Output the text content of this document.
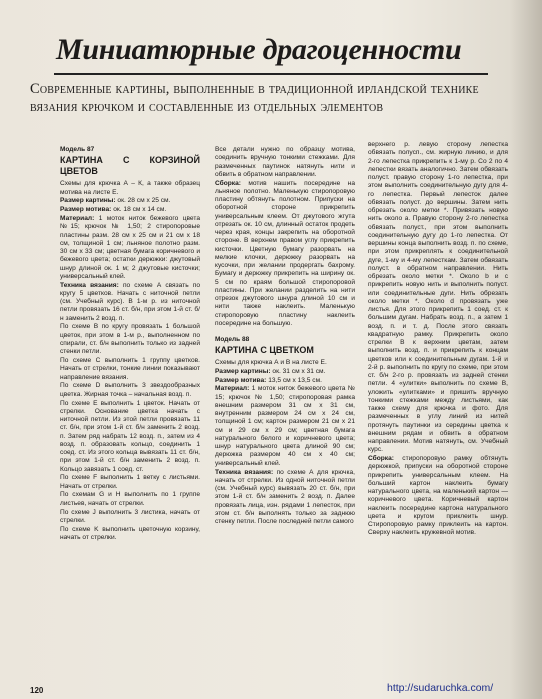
Миниатюрные драгоценности
Современные картины, выполненные в традиционной ирландской технике вязания крючком и составленные из отдельных элементов

Модель 87

КАРТИНА С КОРЗИНОЙ ЦВЕТОВ

Схемы для крючка А – К, а также образец мотива на листе Е.

Размер картины: ок. 28 см х 25 см.

Размер мотива: ок. 18 см х 14 см.

Материал: 1 моток ниток бежевого цвета №15; крючок № 1,50; 2 стиропоровые пластины разм. 28 см х 25 см и 21 см х 18 см, толщиной 1 см; льняное полотно разм. 30 см х 33 см; цветная бумага коричневого и бежевого цвета; остатки дерюжки: джутовый шнур длиной ок. 1 м; 2 джутовые кисточки; универсальный клей.

Техника вязания: по схеме А связать по кругу 5 цветков. Начать с ниточной петли (см. Учебный курс). В 1-м р. из ниточной петли провязать 16 ст. б/н, при этом 1-й ст. б/н заменить 2 возд. п.

По схеме В по кругу провязать 1 большой цветок, при этом в 1-м р., выполненном по спирали, ст. б/н выполнить только из задней стенки петли.

По схеме С выполнить 1 группу цветков. Начать от стрелки, тонкие линии показывают направление вязания.

По схеме D выполнить 3 звездообразных цветка. Жирная точка – начальная возд. п.

По схеме E выполнить 1 цветок. Начать от стрелки. Основание цветка начать с ниточной петли. Из этой петли провязать 11 ст. б/н, при этом 1-й ст. б/н заменить 2 возд. п. Затем ряд набрать 12 возд. п., затем из 4 возд. п. образовать кольцо, соединить 1 соед. ст. Из этого кольца вывязать 11 ст. б/н, при этом 1-й ст. б/н заменить 2 возд. п. Кольцо завязать 1 соед. ст.

По схеме F выполнить 1 ветку с листьями. Начать от стрелки.

По схемам G и H выполнить по 1 группе листьев, начать от стрелки.

По схеме J выполнить 3 листика, начать от стрелки.

По схеме K выполнить цветочную корзину, начать от стрелки.

Все детали нужно по образцу мотива, соединить вручную тонкими стежками. Для размеченных паутинок натянуть нити и обвить в обратном направлении.

Сборка: мотив нашить посередине на льняное полотно. Маленькую стиропоровую пластину обтянуть полотном. Припуски на оборотной стороне прикрепить универсальным клеем. От джутового жгута отрезать ок. 10 см, длинный остаток продеть через края, концы закрепить на оборотной стороне. В верхнем правом углу прикрепить кисточки. Цветную бумагу разорвать на мелкие клочки, дерюжку разорвать на кусочки, при желании продергать бахрому. Бумагу и дерюжку прикрепить на ширину ок. 5 см по краям большой стиропоровой пластины. При желании разделить на нити отрезок джутового шнура длиной 10 см и нити также наклеить. Маленькую стиропоровую пластину наклеить посередине на большую.

Модель 88

КАРТИНА С ЦВЕТКОМ

Схемы для крючка А и В на листе Е.

Размер картины: ок. 31 см х 31 см.

Размер мотива: 13,5 см х 13,5 см.

Материал: 1 моток ниток бежевого цвета № 15; крючок № 1,50; стиропоровая рамка внешним размером 31 см х 31 см, внутренним размером 24 см х 24 см, толщиной 1 см; картон размером 21 см х 21 см и 29 см х 29 см; цветная бумага натурального белого и коричневого цвета; шнур натурального цвета длиной 90 см; дерюжка размером 40 см х 40 см; универсальный клей.

Техника вязания: по схеме А для крючка, начать от стрелки. Из одной ниточной петли (см. Учебный курс) вывязать 20 ст. б/н, при этом 1-й ст. б/н заменить 2 возд. п. Далее провязать лица, изн. рядами 1 лепесток, при этом ст. б/н выполнять только за заднюю стенку петли. После последней петли самого

верхнего р. левую сторону лепестка обвязать полусп., см. жирную линию, и для 2-го лепестка прикрепить к 1-му р. Со 2 по 4 лепестки вязать аналогично. Затем обвязать полуст. правую сторону 1-го лепестка, при этом выполнить соединительную дугу для 4-го лепестка. Первый лепесток далее обвязать полуст. до вершины. Затем нить обрезать около метки *. Привязать новую нить около а. Правую сторону 2-го лепестка обвязать полуст., при этом выполнить соединительную дугу до 1-го лепестка. От вершины конца выполнить возд. п. по схеме, при этом прикреплять к соединительной дуге, 1-му и 4-му лепесткам. Затем обвязать полуст. в обратном направлении. Нить обрезать около метки *. Около b и с прикрепить новую нить и выполнить полуст. или соединительные дуги. Нить обрезать около метки *. Около d провязать уже листья. Для этого прикрепить 1 соед. ст. к большим дугам. Набрать возд. п., а затем 1 возд. п. и т. д. После этого связать квадратную рамку. Прикрепить около стрелки В к верхним цветам, затем выполнить возд. п. и прикрепить к концам цветков или к соединительным дугам. 1-й и 2-й р. выполнить по кругу по схеме, при этом ст. б/н 2-го р. провязать из задней стенки петли. 4 «улитки» выполнить по схеме В, уложить «улитками» и пришить вручную тонкими стежками между листьями, как также схему для крючка и фото. Для размеченных в углу линий из нитей протянуть паутинки из середины цветка к внешним рядам и обвить в обратном направлении. Мотив натянуть, см. Учебный курс.

Сборка: стиропоровую рамку обтянуть дерюжкой, припуски на оборотной стороне прикрепить универсальным клеем. На больший картон наклеить бумагу натурального цвета, на маленький картон — коричневого цвета. Коричневый картон наклеить посередине картона натурального цвета и кругом приклеить шнур. Стиропоровую рамку приклеить на картон. Сверху наклеить кружевной мотив.

120	http://sudaruchka.com/
